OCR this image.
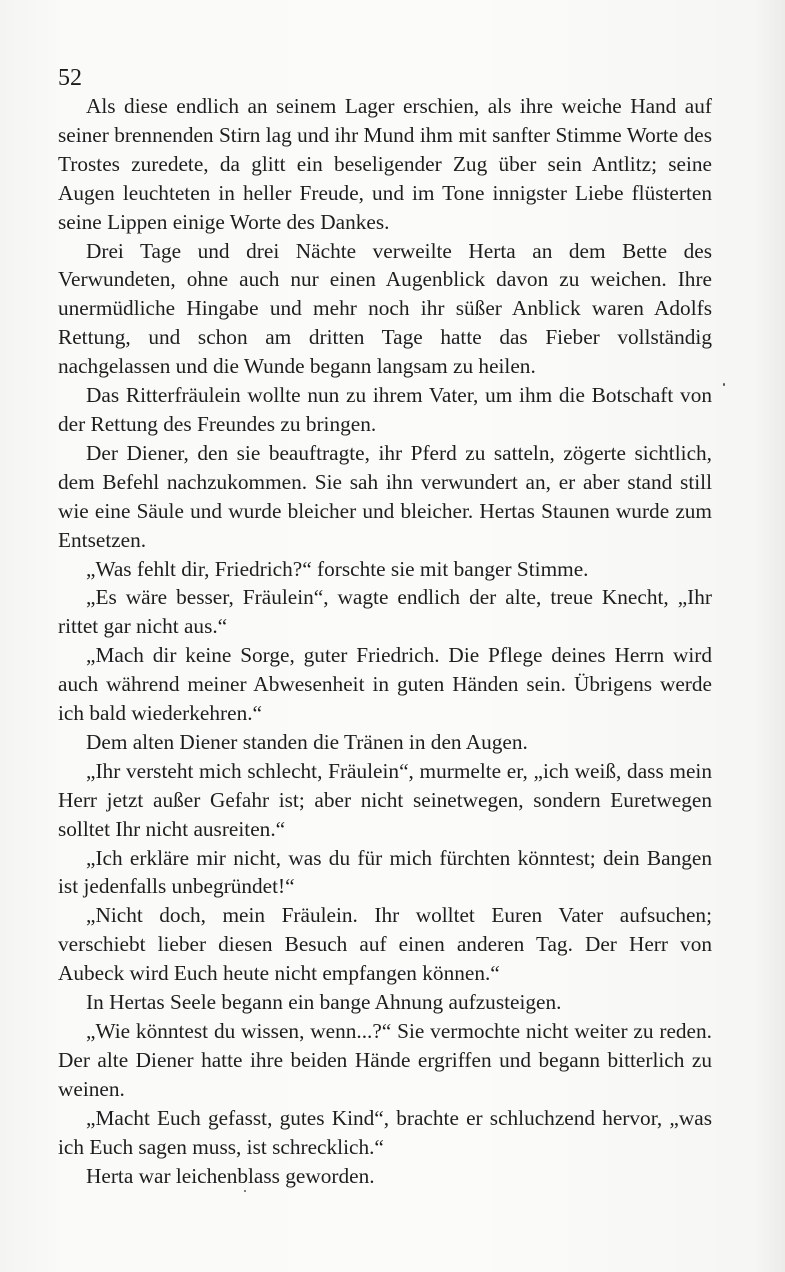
52

Als diese endlich an seinem Lager erschien, als ihre weiche Hand auf seiner brennenden Stirn lag und ihr Mund ihm mit sanfter Stimme Worte des Trostes zuredete, da glitt ein beseligender Zug über sein Antlitz; seine Augen leuchteten in heller Freude, und im Tone innigster Liebe flüsterten seine Lippen einige Worte des Dankes.

Drei Tage und drei Nächte verweilte Herta an dem Bette des Verwundeten, ohne auch nur einen Augenblick davon zu weichen. Ihre unermüdliche Hingabe und mehr noch ihr süßer Anblick waren Adolfs Rettung, und schon am dritten Tage hatte das Fieber vollständig nachgelassen und die Wunde begann langsam zu heilen.

Das Ritterfräulein wollte nun zu ihrem Vater, um ihm die Botschaft von der Rettung des Freundes zu bringen.

Der Diener, den sie beauftragte, ihr Pferd zu satteln, zögerte sichtlich, dem Befehl nachzukommen. Sie sah ihn verwundert an, er aber stand still wie eine Säule und wurde bleicher und bleicher. Hertas Staunen wurde zum Entsetzen.

„Was fehlt dir, Friedrich?“ forschte sie mit banger Stimme.

„Es wäre besser, Fräulein“, wagte endlich der alte, treue Knecht, „Ihr rittet gar nicht aus.“

„Mach dir keine Sorge, guter Friedrich. Die Pflege deines Herrn wird auch während meiner Abwesenheit in guten Händen sein. Übrigens werde ich bald wiederkehren.“

Dem alten Diener standen die Tränen in den Augen.

„Ihr versteht mich schlecht, Fräulein“, murmelte er, „ich weiß, dass mein Herr jetzt außer Gefahr ist; aber nicht seinetwegen, sondern Euretwegen solltet Ihr nicht ausreiten.“

„Ich erkläre mir nicht, was du für mich fürchten könntest; dein Bangen ist jedenfalls unbegründet!“

„Nicht doch, mein Fräulein. Ihr wolltet Euren Vater aufsuchen; verschiebt lieber diesen Besuch auf einen anderen Tag. Der Herr von Aubeck wird Euch heute nicht empfangen können.“

In Hertas Seele begann ein bange Ahnung aufzusteigen.

„Wie könntest du wissen, wenn...?“ Sie vermochte nicht weiter zu reden. Der alte Diener hatte ihre beiden Hände ergriffen und begann bitterlich zu weinen.

„Macht Euch gefasst, gutes Kind“, brachte er schluchzend hervor, „was ich Euch sagen muss, ist schrecklich.“

Herta war leichenblass geworden.
